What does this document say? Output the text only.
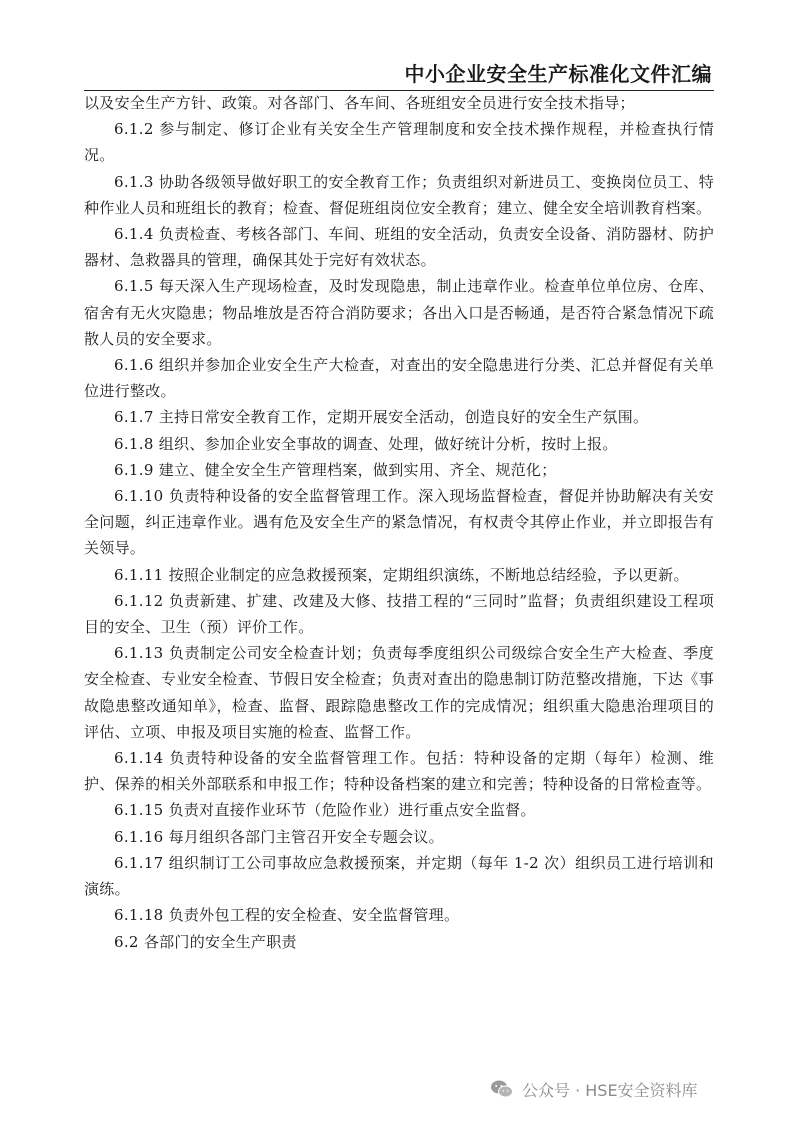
中小企业安全生产标准化文件汇编

以及安全生产方针、政策。对各部门、各车间、各班组安全员进行安全技术指导；

6.1.2 参与制定、修订企业有关安全生产管理制度和安全技术操作规程，并检查执行情况。

6.1.3 协助各级领导做好职工的安全教育工作；负责组织对新进员工、变换岗位员工、特种作业人员和班组长的教育；检查、督促班组岗位安全教育；建立、健全安全培训教育档案。

6.1.4 负责检查、考核各部门、车间、班组的安全活动，负责安全设备、消防器材、防护器材、急救器具的管理，确保其处于完好有效状态。

6.1.5 每天深入生产现场检查，及时发现隐患，制止违章作业。检查单位单位房、仓库、宿舍有无火灾隐患；物品堆放是否符合消防要求；各出入口是否畅通，是否符合紧急情况下疏散人员的安全要求。

6.1.6 组织并参加企业安全生产大检查，对查出的安全隐患进行分类、汇总并督促有关单位进行整改。

6.1.7 主持日常安全教育工作，定期开展安全活动，创造良好的安全生产氛围。

6.1.8 组织、参加企业安全事故的调查、处理，做好统计分析，按时上报。

6.1.9 建立、健全安全生产管理档案，做到实用、齐全、规范化；

6.1.10 负责特种设备的安全监督管理工作。深入现场监督检查，督促并协助解决有关安全问题，纠正违章作业。遇有危及安全生产的紧急情况，有权责令其停止作业，并立即报告有关领导。

6.1.11 按照企业制定的应急救援预案，定期组织演练，不断地总结经验，予以更新。

6.1.12 负责新建、扩建、改建及大修、技措工程的“三同时”监督；负责组织建设工程项目的安全、卫生（预）评价工作。

6.1.13 负责制定公司安全检查计划；负责每季度组织公司级综合安全生产大检查、季度安全检查、专业安全检查、节假日安全检查；负责对查出的隐患制订防范整改措施，下达《事故隐患整改通知单》，检查、监督、跟踪隐患整改工作的完成情况；组织重大隐患治理项目的评估、立项、申报及项目实施的检查、监督工作。

6.1.14 负责特种设备的安全监督管理工作。包括：特种设备的定期（每年）检测、维护、保养的相关外部联系和申报工作；特种设备档案的建立和完善；特种设备的日常检查等。

6.1.15 负责对直接作业环节（危险作业）进行重点安全监督。

6.1.16 每月组织各部门主管召开安全专题会议。

6.1.17 组织制订工公司事故应急救援预案，并定期（每年 1-2 次）组织员工进行培训和演练。

6.1.18 负责外包工程的安全检查、安全监督管理。

6.2 各部门的安全生产职责

公众号 · HSE安全资料库
